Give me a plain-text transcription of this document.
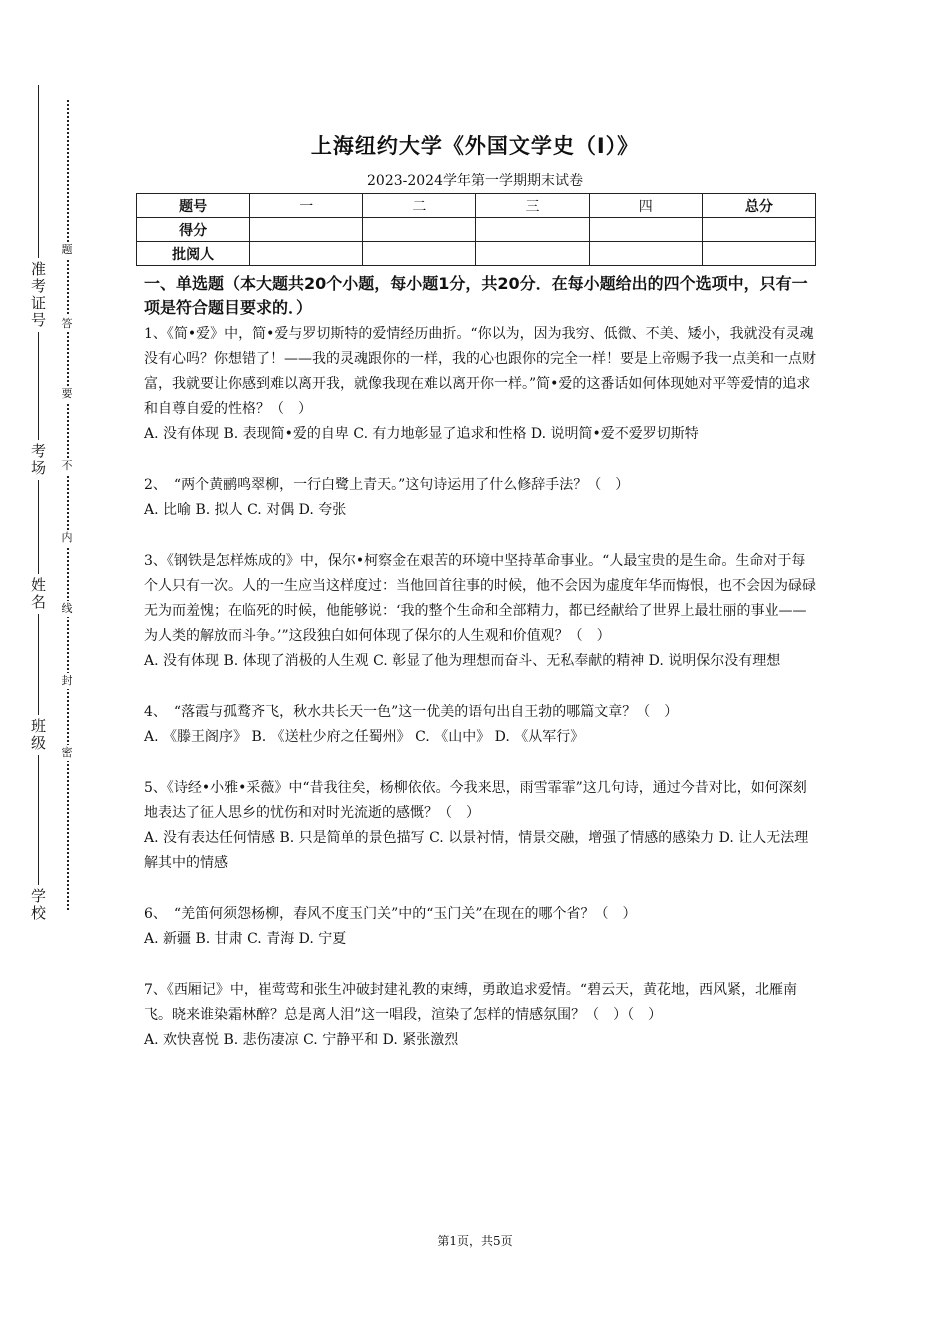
准考证号
考场
姓名
班级
学校
题
答
要
不
内
线
封
密
上海纽约大学《外国文学史（I）》
2023-2024学年第一学期期末试卷
题号	一	二	三	四	总分
得分					
批阅人					
一、单选题（本大题共20个小题，每小题1分，共20分．在每小题给出的四个选项中，只有一项是符合题目要求的．）

1、《简•爱》中，简•爱与罗切斯特的爱情经历曲折。“你以为，因为我穷、低微、不美、矮小，我就没有灵魂没有心吗？你想错了！——我的灵魂跟你的一样，我的心也跟你的完全一样！要是上帝赐予我一点美和一点财富，我就要让你感到难以离开我，就像我现在难以离开你一样。”简•爱的这番话如何体现她对平等爱情的追求和自尊自爱的性格？（　）

A. 没有体现 B. 表现简•爱的自卑 C. 有力地彰显了追求和性格 D. 说明简•爱不爱罗切斯特

2、　“两个黄鹂鸣翠柳，一行白鹭上青天。”这句诗运用了什么修辞手法？（　）

A. 比喻 B. 拟人 C. 对偶 D. 夸张

3、《钢铁是怎样炼成的》中，保尔•柯察金在艰苦的环境中坚持革命事业。“人最宝贵的是生命。生命对于每个人只有一次。人的一生应当这样度过：当他回首往事的时候，他不会因为虚度年华而悔恨，也不会因为碌碌无为而羞愧；在临死的时候，他能够说：‘我的整个生命和全部精力，都已经献给了世界上最壮丽的事业——为人类的解放而斗争。’”这段独白如何体现了保尔的人生观和价值观？（　）

A. 没有体现 B. 体现了消极的人生观 C. 彰显了他为理想而奋斗、无私奉献的精神 D. 说明保尔没有理想

4、　“落霞与孤鹜齐飞，秋水共长天一色”这一优美的语句出自王勃的哪篇文章？（　）

A. 《滕王阁序》 B. 《送杜少府之任蜀州》 C. 《山中》 D. 《从军行》

5、《诗经•小雅•采薇》中“昔我往矣，杨柳依依。今我来思，雨雪霏霏”这几句诗，通过今昔对比，如何深刻地表达了征人思乡的忧伤和对时光流逝的感慨？（　）

A. 没有表达任何情感 B. 只是简单的景色描写 C. 以景衬情，情景交融，增强了情感的感染力 D. 让人无法理解其中的情感

6、　“羌笛何须怨杨柳，春风不度玉门关”中的“玉门关”在现在的哪个省？（　）

A. 新疆 B. 甘肃 C. 青海 D. 宁夏

7、《西厢记》中，崔莺莺和张生冲破封建礼教的束缚，勇敢追求爱情。“碧云天，黄花地，西风紧，北雁南飞。晓来谁染霜林醉？总是离人泪”这一唱段，渲染了怎样的情感氛围？（　）（　）

A. 欢快喜悦 B. 悲伤凄凉 C. 宁静平和 D. 紧张激烈

第1页，共5页
